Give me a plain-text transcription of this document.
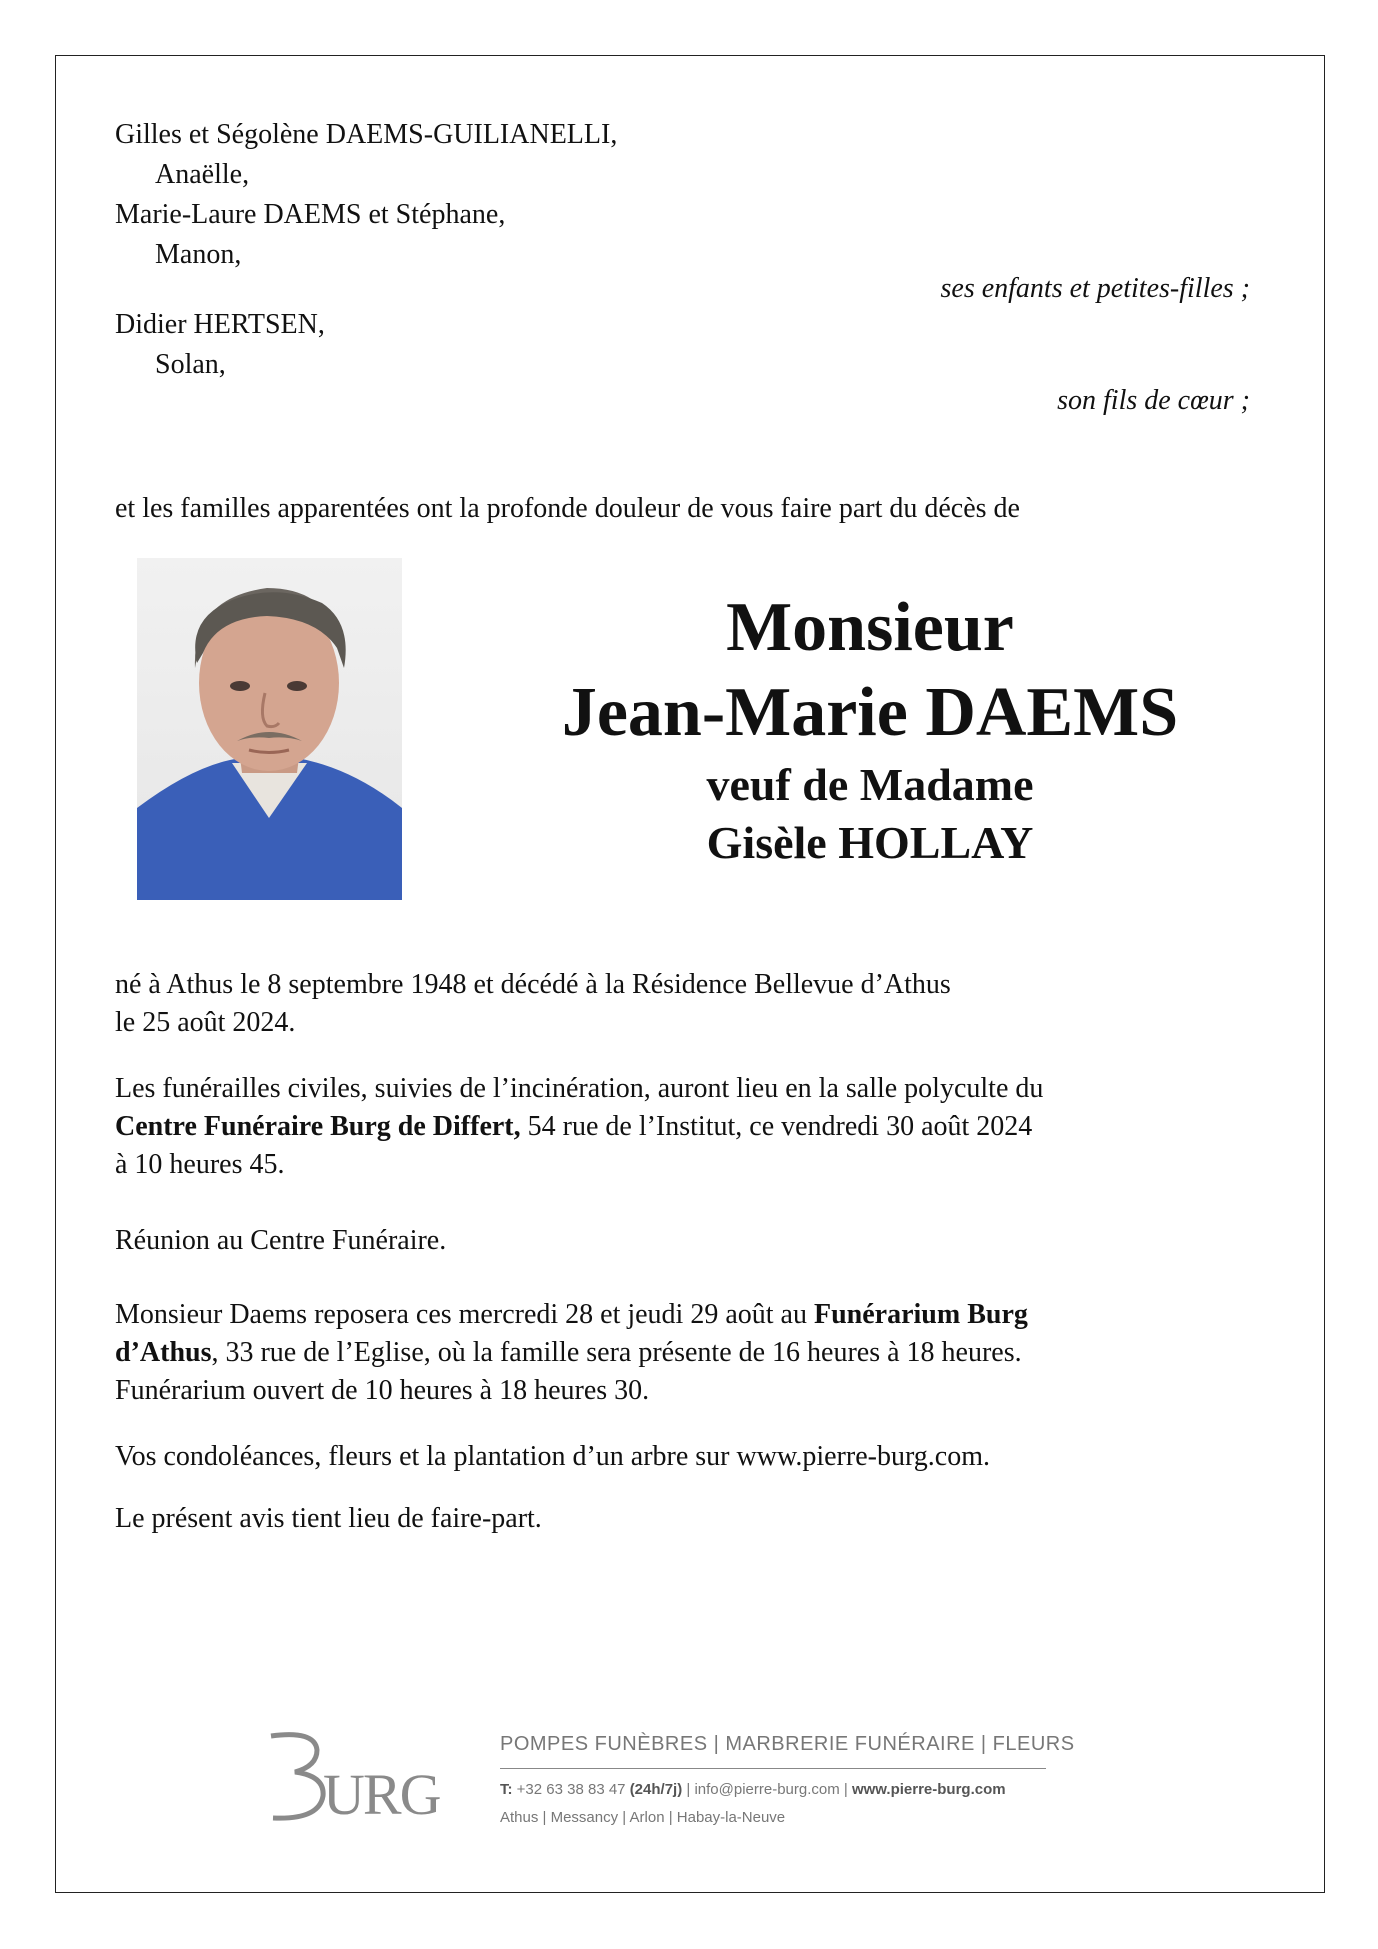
Gilles et Ségolène DAEMS-GUILIANELLI,
Anaëlle,
Marie-Laure DAEMS et Stéphane,
Manon,
ses enfants et petites-filles ;
Didier HERTSEN,
Solan,
son fils de cœur ;
et les familles apparentées ont la profonde douleur de vous faire part du décès de
Monsieur
Jean-Marie DAEMS
veuf de Madame
Gisèle HOLLAY
né à Athus le 8 septembre 1948 et décédé à la Résidence Bellevue d’Athus
le 25 août 2024.
Les funérailles civiles, suivies de l’incinération, auront lieu en la salle polyculte du
Centre Funéraire Burg de Differt, 54 rue de l’Institut, ce vendredi 30 août 2024
à 10 heures 45.
Réunion au Centre Funéraire.
Monsieur Daems reposera ces mercredi 28 et jeudi 29 août au Funérarium Burg
d’Athus, 33 rue de l’Eglise, où la famille sera présente de 16 heures à 18 heures.
Funérarium ouvert de 10 heures à 18 heures 30.
Vos condoléances, fleurs et la plantation d’un arbre sur www.pierre-burg.com.
Le présent avis tient lieu de faire-part.
URG
POMPES FUNÈBRES | MARBRERIE FUNÉRAIRE | FLEURS
T: +32 63 38 83 47 (24h/7j) | info@pierre-burg.com | www.pierre-burg.com
Athus | Messancy | Arlon | Habay-la-Neuve
